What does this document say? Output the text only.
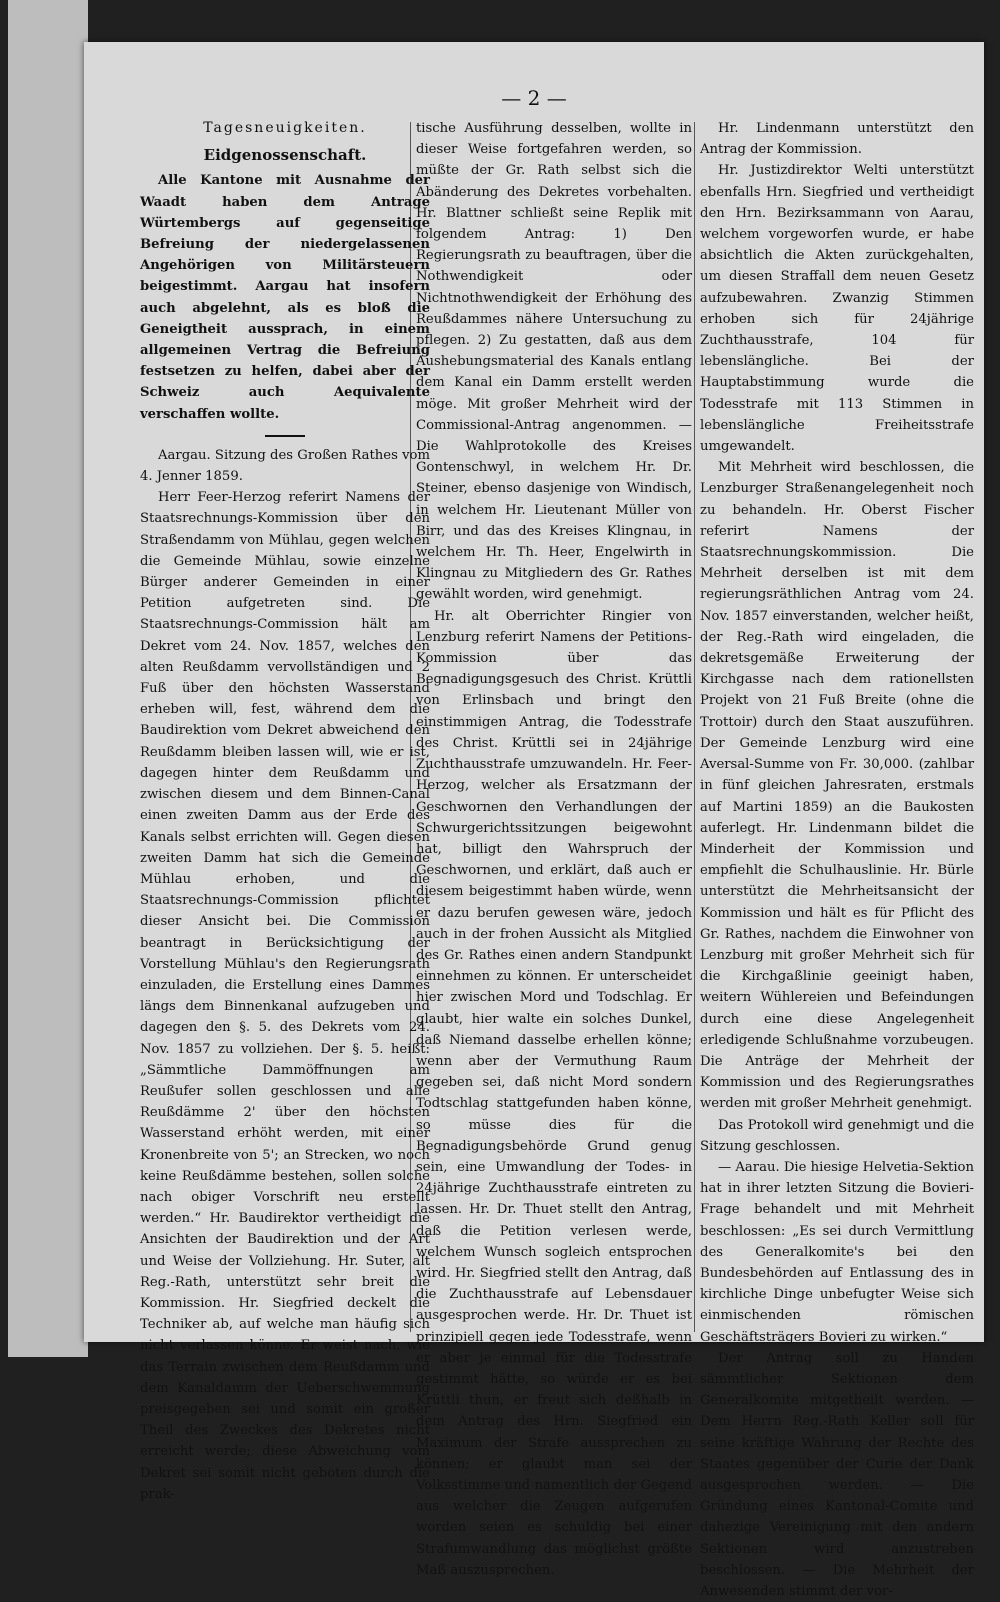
— 2 —
Tagesneuigkeiten.
Eidgenossenschaft.

Alle Kantone mit Ausnahme der Waadt haben dem Antrage Würtembergs auf gegenseitige Befreiung der niedergelassenen Angehörigen von Militärsteuern beigestimmt. Aargau hat insofern auch abgelehnt, als es bloß die Geneigtheit aussprach, in einem allgemeinen Vertrag die Befreiung festsetzen zu helfen, dabei aber der Schweiz auch Aequivalente verschaffen wollte.

Aargau. Sitzung des Großen Rathes vom 4. Jenner 1859.

Herr Feer-Herzog referirt Namens der Staatsrechnungs-Kommission über den Straßendamm von Mühlau, gegen welchen die Gemeinde Mühlau, sowie einzelne Bürger anderer Gemeinden in einer Petition aufgetreten sind. Die Staatsrechnungs-Commission hält am Dekret vom 24. Nov. 1857, welches den alten Reußdamm vervollständigen und 2 Fuß über den höchsten Wasserstand erheben will, fest, während dem die Baudirektion vom Dekret abweichend den Reußdamm bleiben lassen will, wie er ist, dagegen hinter dem Reußdamm und zwischen diesem und dem Binnen-Canal einen zweiten Damm aus der Erde des Kanals selbst errichten will. Gegen diesen zweiten Damm hat sich die Gemeinde Mühlau erhoben, und die Staatsrechnungs-Commission pflichtet dieser Ansicht bei. Die Commission beantragt in Berücksichtigung der Vorstellung Mühlau's den Regierungsrath einzuladen, die Erstellung eines Dammes längs dem Binnenkanal aufzugeben und dagegen den §. 5. des Dekrets vom 24. Nov. 1857 zu vollziehen. Der §. 5. heißt: „Sämmtliche Dammöffnungen am Reußufer sollen geschlossen und alle Reußdämme 2' über den höchsten Wasserstand erhöht werden, mit einer Kronenbreite von 5'; an Strecken, wo noch keine Reußdämme bestehen, sollen solche nach obiger Vorschrift neu erstellt werden.“ Hr. Baudirektor vertheidigt die Ansichten der Baudirektion und der Art und Weise der Vollziehung. Hr. Suter, alt Reg.-Rath, unterstützt sehr breit die Kommission. Hr. Siegfried deckelt die Techniker ab, auf welche man häufig sich nicht verlassen könne. Er weist nach, wie das Terrain zwischen dem Reußdamm und dem Kanaldamm der Ueberschwemmung preisgegeben sei und somit ein großer Theil des Zweckes des Dekretes nicht erreicht werde; diese Abweichung vom Dekret sei somit nicht geboten durch die prak-

tische Ausführung desselben, wollte in dieser Weise fortgefahren werden, so müßte der Gr. Rath selbst sich die Abänderung des Dekretes vorbehalten. Hr. Blattner schließt seine Replik mit folgendem Antrag: 1) Den Regierungsrath zu beauftragen, über die Nothwendigkeit oder Nichtnothwendigkeit der Erhöhung des Reußdammes nähere Untersuchung zu pflegen. 2) Zu gestatten, daß aus dem Aushebungsmaterial des Kanals entlang dem Kanal ein Damm erstellt werden möge. Mit großer Mehrheit wird der Commissional-Antrag angenommen. — Die Wahlprotokolle des Kreises Gontenschwyl, in welchem Hr. Dr. Steiner, ebenso dasjenige von Windisch, in welchem Hr. Lieutenant Müller von Birr, und das des Kreises Klingnau, in welchem Hr. Th. Heer, Engelwirth in Klingnau zu Mitgliedern des Gr. Rathes gewählt worden, wird genehmigt.

Hr. alt Oberrichter Ringier von Lenzburg referirt Namens der Petitions-Kommission über das Begnadigungsgesuch des Christ. Krüttli von Erlinsbach und bringt den einstimmigen Antrag, die Todesstrafe des Christ. Krüttli sei in 24jährige Zuchthausstrafe umzuwandeln. Hr. Feer-Herzog, welcher als Ersatzmann der Geschwornen den Verhandlungen der Schwurgerichtssitzungen beigewohnt hat, billigt den Wahrspruch der Geschwornen, und erklärt, daß auch er diesem beigestimmt haben würde, wenn er dazu berufen gewesen wäre, jedoch auch in der frohen Aussicht als Mitglied des Gr. Rathes einen andern Standpunkt einnehmen zu können. Er unterscheidet hier zwischen Mord und Todschlag. Er glaubt, hier walte ein solches Dunkel, daß Niemand dasselbe erhellen könne; wenn aber der Vermuthung Raum gegeben sei, daß nicht Mord sondern Todtschlag stattgefunden haben könne, so müsse dies für die Begnadigungsbehörde Grund genug sein, eine Umwandlung der Todes- in 24jährige Zuchthausstrafe eintreten zu lassen. Hr. Dr. Thuet stellt den Antrag, daß die Petition verlesen werde, welchem Wunsch sogleich entsprochen wird. Hr. Siegfried stellt den Antrag, daß die Zuchthausstrafe auf Lebensdauer ausgesprochen werde. Hr. Dr. Thuet ist prinzipiell gegen jede Todesstrafe, wenn er aber je einmal für die Todesstrafe gestimmt hätte, so würde er es bei Krüttli thun, er freut sich deßhalb in dem Antrag des Hrn. Siegfried ein Maximum der Strafe aussprechen zu können; er glaubt man sei der Volksstimme und namentlich der Gegend aus welcher die Zeugen aufgerufen worden seien es schuldig bei einer Strafumwandlung das möglichst größte Maß auszusprechen.

Hr. Lindenmann unterstützt den Antrag der Kommission.

Hr. Justizdirektor Welti unterstützt ebenfalls Hrn. Siegfried und vertheidigt den Hrn. Bezirksammann von Aarau, welchem vorgeworfen wurde, er habe absichtlich die Akten zurückgehalten, um diesen Straffall dem neuen Gesetz aufzubewahren. Zwanzig Stimmen erhoben sich für 24jährige Zuchthausstrafe, 104 für lebenslängliche. Bei der Hauptabstimmung wurde die Todesstrafe mit 113 Stimmen in lebenslängliche Freiheitsstrafe umgewandelt.

Mit Mehrheit wird beschlossen, die Lenzburger Straßenangelegenheit noch zu behandeln. Hr. Oberst Fischer referirt Namens der Staatsrechnungskommission. Die Mehrheit derselben ist mit dem regierungsräthlichen Antrag vom 24. Nov. 1857 einverstanden, welcher heißt, der Reg.-Rath wird eingeladen, die dekretsgemäße Erweiterung der Kirchgasse nach dem rationellsten Projekt von 21 Fuß Breite (ohne die Trottoir) durch den Staat auszuführen. Der Gemeinde Lenzburg wird eine Aversal-Summe von Fr. 30,000. (zahlbar in fünf gleichen Jahresraten, erstmals auf Martini 1859) an die Baukosten auferlegt. Hr. Lindenmann bildet die Minderheit der Kommission und empfiehlt die Schulhauslinie. Hr. Bürle unterstützt die Mehrheitsansicht der Kommission und hält es für Pflicht des Gr. Rathes, nachdem die Einwohner von Lenzburg mit großer Mehrheit sich für die Kirchgaßlinie geeinigt haben, weitern Wühlereien und Befeindungen durch eine diese Angelegenheit erledigende Schlußnahme vorzubeugen. Die Anträge der Mehrheit der Kommission und des Regierungsrathes werden mit großer Mehrheit genehmigt.

Das Protokoll wird genehmigt und die Sitzung geschlossen.

— Aarau. Die hiesige Helvetia-Sektion hat in ihrer letzten Sitzung die Bovieri-Frage behandelt und mit Mehrheit beschlossen: „Es sei durch Vermittlung des Generalkomite's bei den Bundesbehörden auf Entlassung des in kirchliche Dinge unbefugter Weise sich einmischenden römischen Geschäftsträgers Bovieri zu wirken.“

Der Antrag soll zu Handen sämmtlicher Sektionen dem Generalkomite mitgetheilt werden. — Dem Herrn Reg.-Rath Keller soll für seine kräftige Wahrung der Rechte des Staates gegenüber der Curie der Dank ausgesprochen werden. — Die Gründung eines Kantonal-Comite und dahezige Vereinigung mit den andern Sektionen wird anzustreben beschlossen. — Die Mehrheit der Anwesenden stimmt der vor-
